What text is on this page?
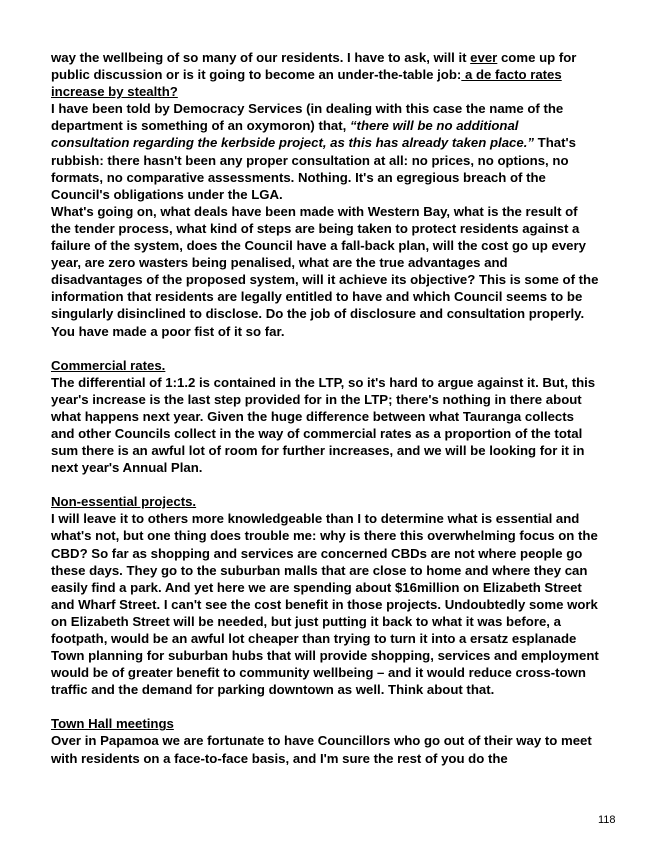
way the wellbeing of so many of our residents. I have to ask, will it ever come up for public discussion or is it going to become an under-the-table job: a de facto rates increase by stealth?

I have been told by Democracy Services (in dealing with this case the name of the department is something of an oxymoron) that, “there will be no additional consultation regarding the kerbside project, as this has already taken place.” That's rubbish: there hasn't been any proper consultation at all: no prices, no options, no formats, no comparative assessments. Nothing. It's an egregious breach of the Council's obligations under the LGA.

What's going on, what deals have been made with Western Bay, what is the result of the tender process, what kind of steps are being taken to protect residents against a failure of the system, does the Council have a fall-back plan, will the cost go up every year, are zero wasters being penalised, what are the true advantages and disadvantages of the proposed system, will it achieve its objective? This is some of the information that residents are legally entitled to have and which Council seems to be singularly disinclined to disclose. Do the job of disclosure and consultation properly. You have made a poor fist of it so far.

Commercial rates.

The differential of 1:1.2 is contained in the LTP, so it's hard to argue against it. But, this year's increase is the last step provided for in the LTP; there's nothing in there about what happens next year. Given the huge difference between what Tauranga collects and other Councils collect in the way of commercial rates as a proportion of the total sum there is an awful lot of room for further increases, and we will be looking for it in next year's Annual Plan.

Non-essential projects.

I will leave it to others more knowledgeable than I to determine what is essential and what's not, but one thing does trouble me: why is there this overwhelming focus on the CBD? So far as shopping and services are concerned CBDs are not where people go these days. They go to the suburban malls that are close to home and where they can easily find a park. And yet here we are spending about $16million on Elizabeth Street and Wharf Street. I can't see the cost benefit in those projects. Undoubtedly some work on Elizabeth Street will be needed, but just putting it back to what it was before, a footpath, would be an awful lot cheaper than trying to turn it into a ersatz esplanade

Town planning for suburban hubs that will provide shopping, services and employment would be of greater benefit to community wellbeing – and it would reduce cross-town traffic and the demand for parking downtown as well. Think about that.

Town Hall meetings

Over in Papamoa we are fortunate to have Councillors who go out of their way to meet with residents on a face-to-face basis, and I'm sure the rest of you do the

118
